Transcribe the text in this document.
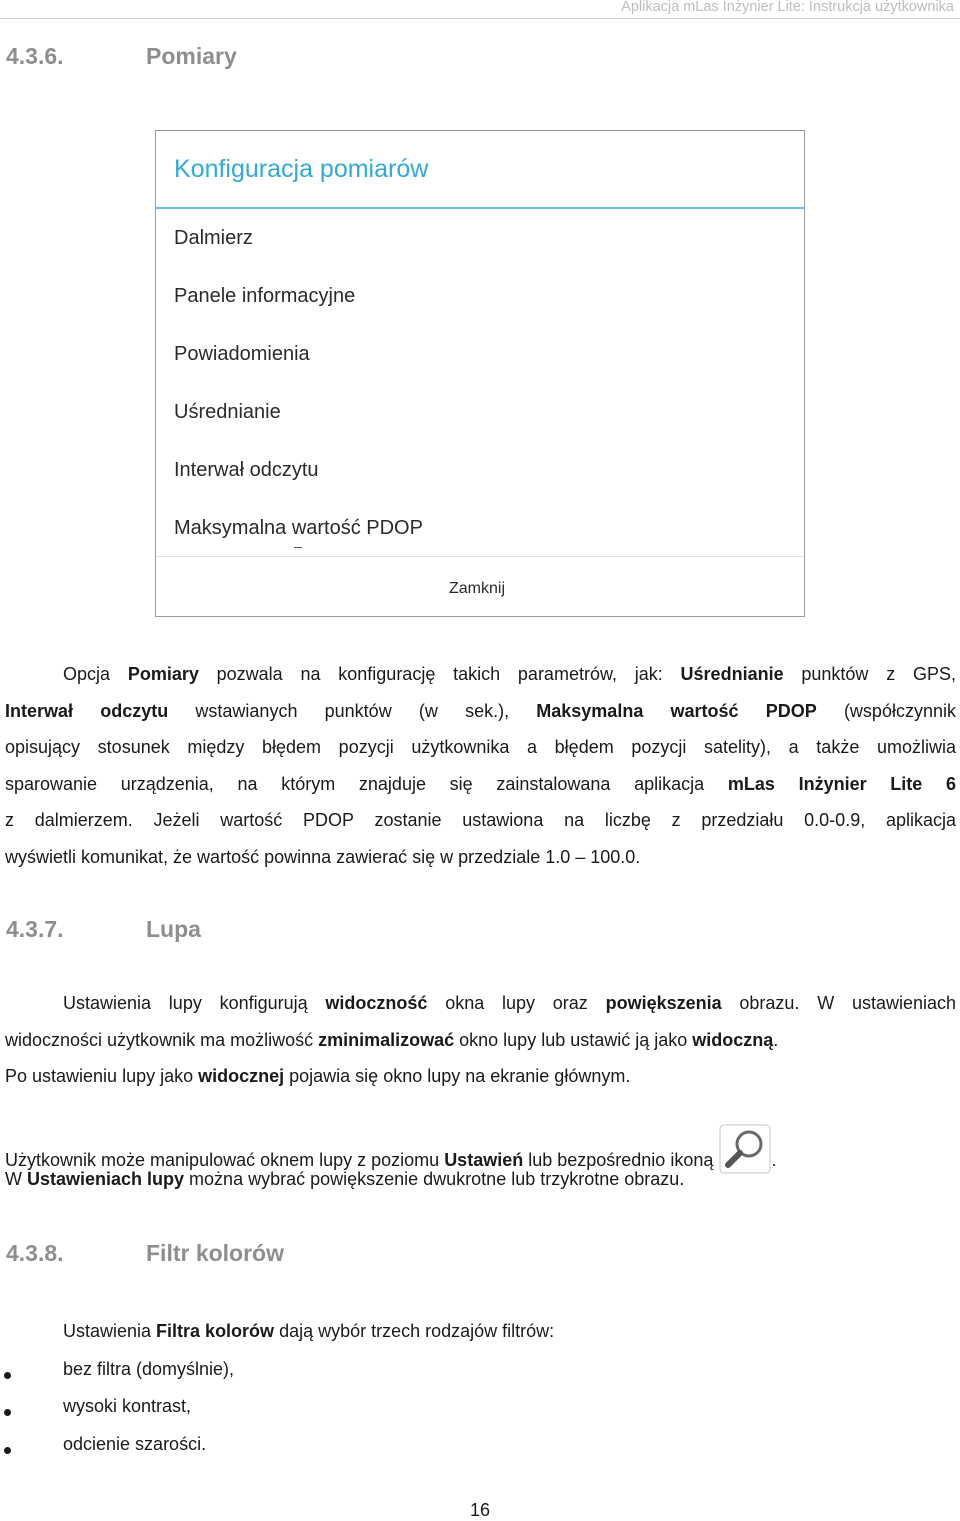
Aplikacja mLas Inżynier Lite: Instrukcja użytkownika
4.3.6.	Pomiary
Konfiguracja pomiarów
Dalmierz
Panele informacyjne
Powiadomienia
Uśrednianie
Interwał odczytu
Maksymalna wartość PDOP
Zamknij
Opcja Pomiary pozwala na konfigurację takich parametrów, jak: Uśrednianie punktów z GPS,
Interwał odczytu wstawianych punktów (w sek.), Maksymalna wartość PDOP (współczynnik
opisujący stosunek między błędem pozycji użytkownika a błędem pozycji satelity), a także umożliwia
sparowanie urządzenia, na którym znajduje się zainstalowana aplikacja mLas Inżynier Lite 6
z dalmierzem. Jeżeli wartość PDOP zostanie ustawiona na liczbę z przedziału 0.0-0.9, aplikacja
wyświetli komunikat, że wartość powinna zawierać się w przedziale 1.0 – 100.0.
4.3.7.	Lupa
Ustawienia lupy konfigurują widoczność okna lupy oraz powiększenia obrazu. W ustawieniach
widoczności użytkownik ma możliwość zminimalizować okno lupy lub ustawić ją jako widoczną.
Po ustawieniu lupy jako widocznej pojawia się okno lupy na ekranie głównym.
Użytkownik może manipulować oknem lupy z poziomu Ustawień lub bezpośrednio ikoną	.
W Ustawieniach lupy można wybrać powiększenie dwukrotne lub trzykrotne obrazu.
4.3.8.	Filtr kolorów
Ustawienia Filtra kolorów dają wybór trzech rodzajów filtrów:
bez filtra (domyślnie),
wysoki kontrast,
odcienie szarości.
16
